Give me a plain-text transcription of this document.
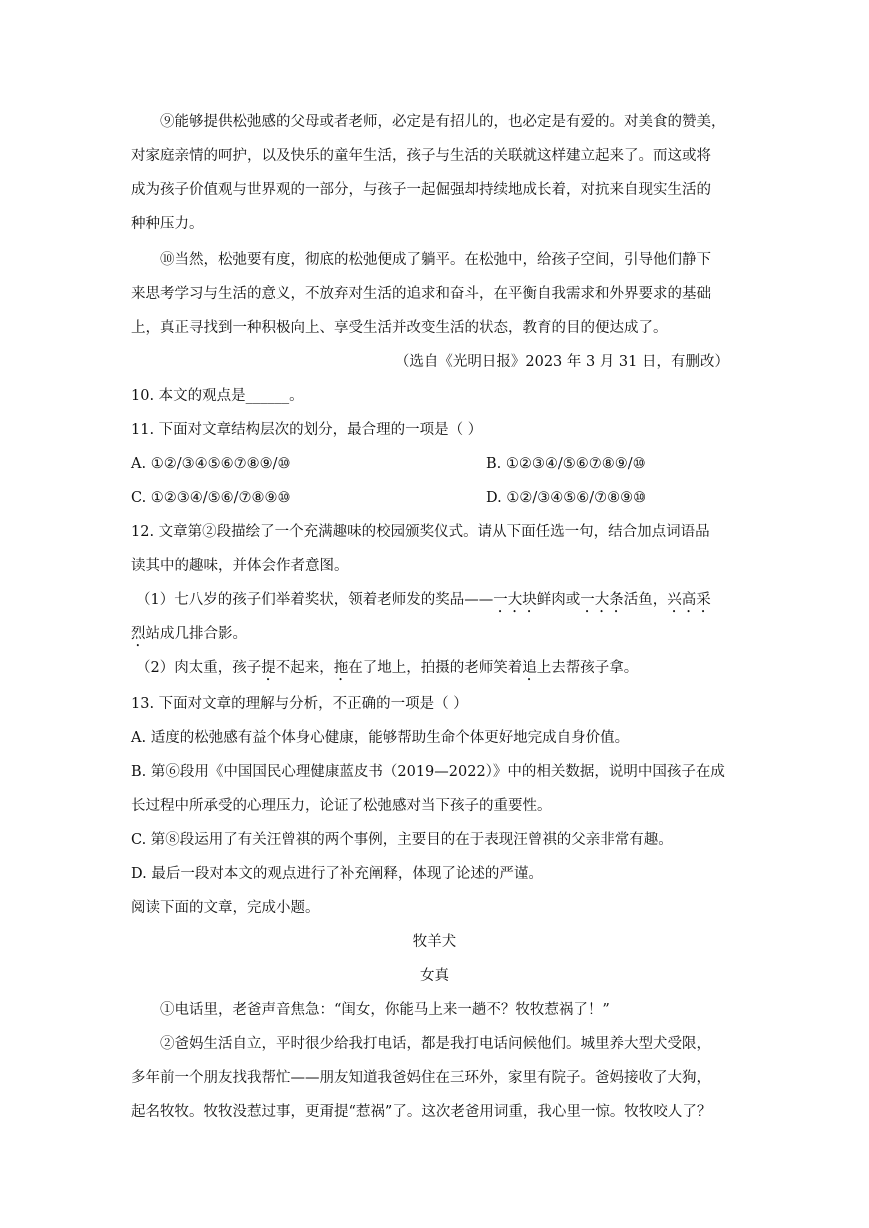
⑨能够提供松弛感的父母或者老师，必定是有招儿的，也必定是有爱的。对美食的赞美，
对家庭亲情的呵护，以及快乐的童年生活，孩子与生活的关联就这样建立起来了。而这或将
成为孩子价值观与世界观的一部分，与孩子一起倔强却持续地成长着，对抗来自现实生活的
种种压力。
⑩当然，松弛要有度，彻底的松弛便成了躺平。在松弛中，给孩子空间，引导他们静下
来思考学习与生活的意义，不放弃对生活的追求和奋斗，在平衡自我需求和外界要求的基础
上，真正寻找到一种积极向上、享受生活并改变生活的状态，教育的目的便达成了。
（选自《光明日报》2023 年 3 月 31 日，有删改）
10. 本文的观点是______。
11. 下面对文章结构层次的划分，最合理的一项是（ ）
A. ①②/③④⑤⑥⑦⑧⑨/⑩	B. ①②③④/⑤⑥⑦⑧⑨/⑩
C. ①②③④/⑤⑥/⑦⑧⑨⑩	D. ①②/③④⑤⑥/⑦⑧⑨⑩
12. 文章第②段描绘了一个充满趣味的校园颁奖仪式。请从下面任选一句，结合加点词语品
读其中的趣味，并体会作者意图。
（1）七八岁的孩子们举着奖状，领着老师发的奖品——一大块鲜肉或一大条活鱼，兴高采
烈站成几排合影。
（2）肉太重，孩子提不起来，拖在了地上，拍摄的老师笑着追上去帮孩子拿。
13. 下面对文章的理解与分析，不正确的一项是（ ）
A. 适度的松弛感有益个体身心健康，能够帮助生命个体更好地完成自身价值。
B. 第⑥段用《中国国民心理健康蓝皮书（2019—2022）》中的相关数据，说明中国孩子在成
长过程中所承受的心理压力，论证了松弛感对当下孩子的重要性。
C. 第⑧段运用了有关汪曾祺的两个事例，主要目的在于表现汪曾祺的父亲非常有趣。
D. 最后一段对本文的观点进行了补充阐释，体现了论述的严谨。
阅读下面的文章，完成小题。
牧羊犬
女真
①电话里，老爸声音焦急：“闺女，你能马上来一趟不？牧牧惹祸了！”
②爸妈生活自立，平时很少给我打电话，都是我打电话问候他们。城里养大型犬受限，
多年前一个朋友找我帮忙——朋友知道我爸妈住在三环外，家里有院子。爸妈接收了大狗，
起名牧牧。牧牧没惹过事，更甭提“惹祸”了。这次老爸用词重，我心里一惊。牧牧咬人了？
